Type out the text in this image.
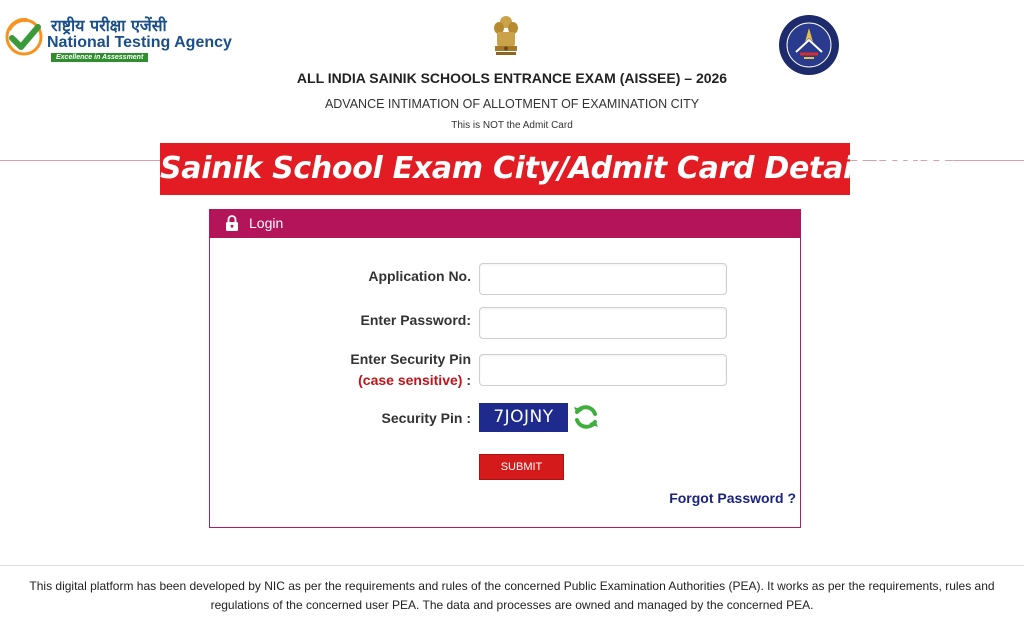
राष्ट्रीय परीक्षा एजेंसी
National Testing Agency
Excellence in Assessment
ALL INDIA SAINIK SCHOOLS ENTRANCE EXAM (AISSEE) – 2026
ADVANCE INTIMATION OF ALLOTMENT OF EXAMINATION CITY
This is NOT the Admit Card
Sainik School Exam City/Admit Card Detail 2026
Login
Application No.
Enter Password:
Enter Security Pin
(case sensitive) :
Security Pin :	7JOJNY
SUBMIT
Forgot Password ?
This digital platform has been developed by NIC as per the requirements and rules of the concerned Public Examination Authorities (PEA). It works as per the requirements, rules and regulations of the concerned user PEA. The data and processes are owned and managed by the concerned PEA.
